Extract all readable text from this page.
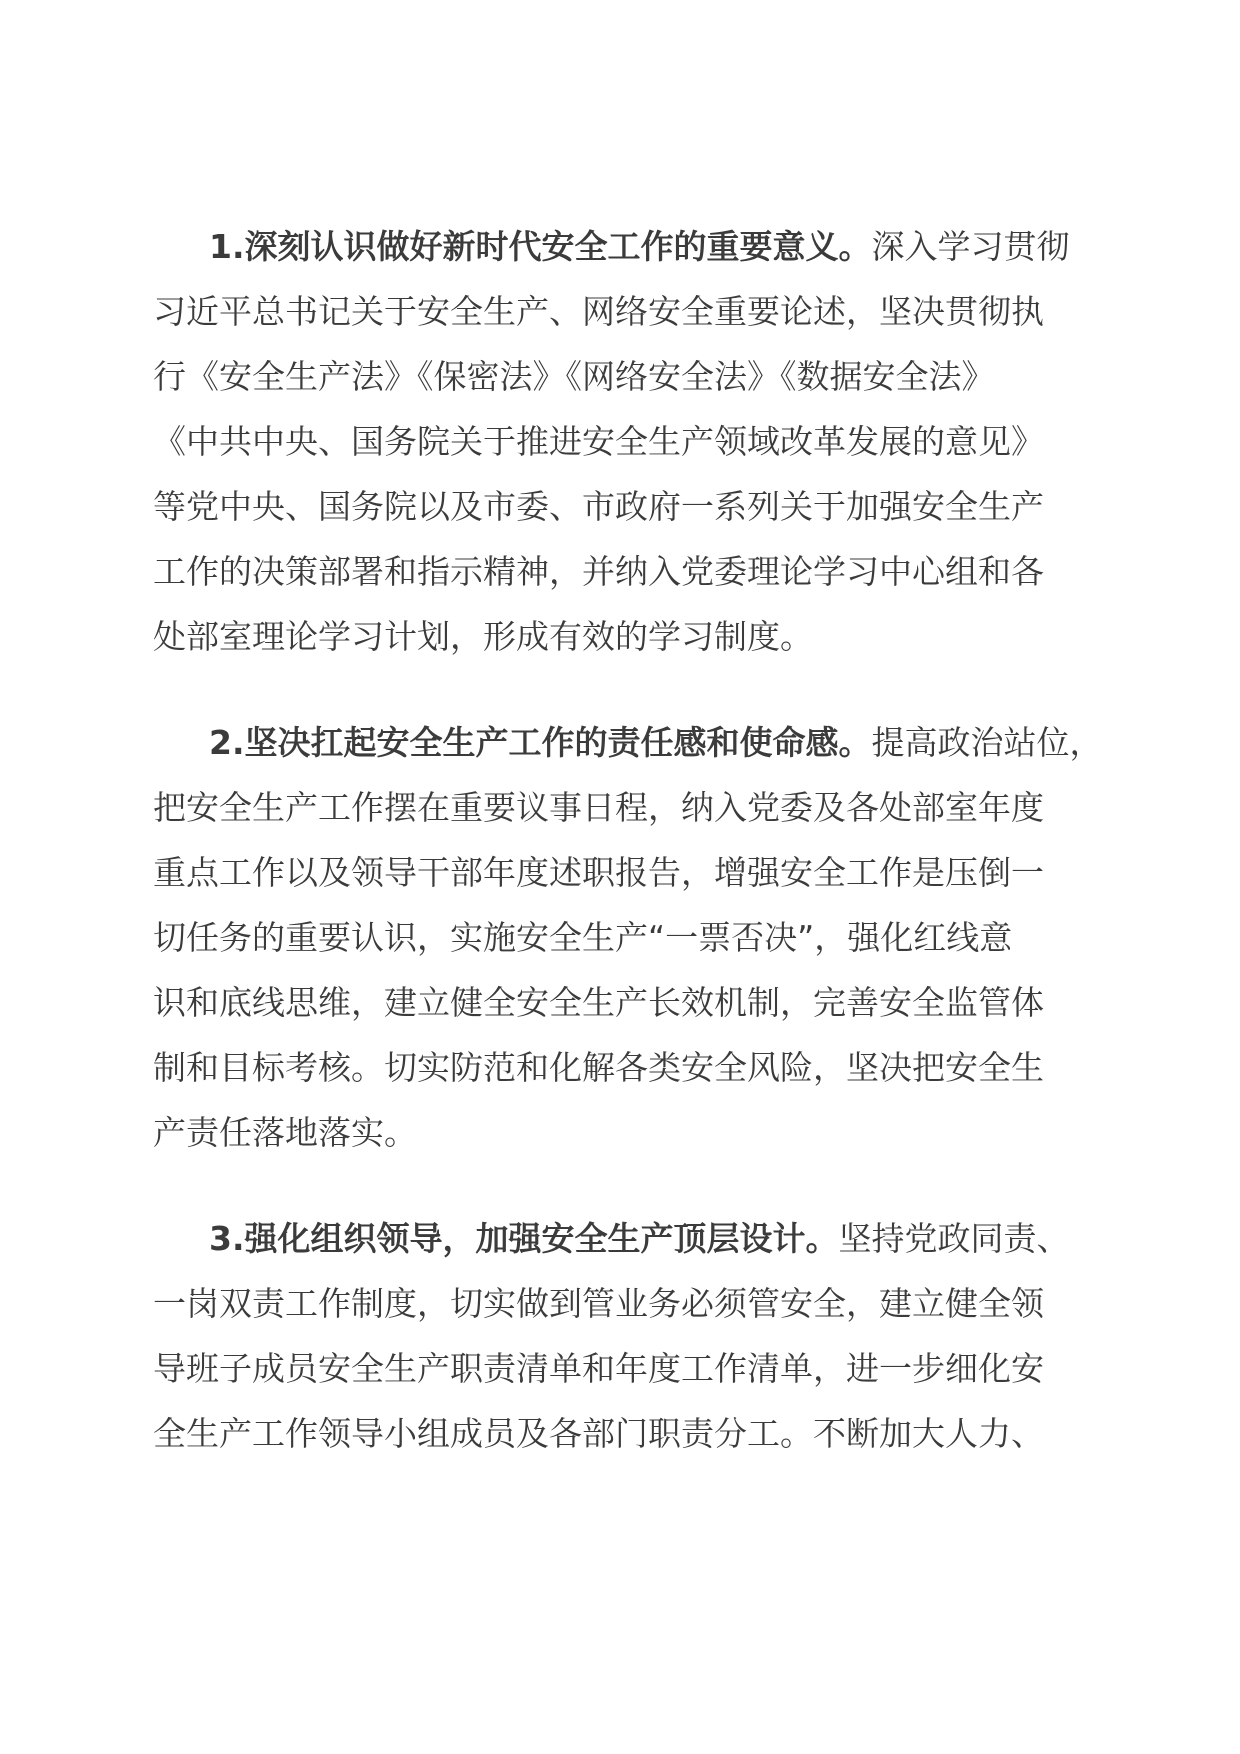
1.深刻认识做好新时代安全工作的重要意义。深入学习贯彻
习近平总书记关于安全生产、网络安全重要论述，坚决贯彻执
行《安全生产法》《保密法》《网络安全法》《数据安全法》
《中共中央、国务院关于推进安全生产领域改革发展的意见》
等党中央、国务院以及市委、市政府一系列关于加强安全生产
工作的决策部署和指示精神，并纳入党委理论学习中心组和各
处部室理论学习计划，形成有效的学习制度。
2.坚决扛起安全生产工作的责任感和使命感。提高政治站位，
把安全生产工作摆在重要议事日程，纳入党委及各处部室年度
重点工作以及领导干部年度述职报告，增强安全工作是压倒一
切任务的重要认识，实施安全生产“一票否决”，强化红线意
识和底线思维，建立健全安全生产长效机制，完善安全监管体
制和目标考核。切实防范和化解各类安全风险，坚决把安全生
产责任落地落实。
3.强化组织领导，加强安全生产顶层设计。坚持党政同责、
一岗双责工作制度，切实做到管业务必须管安全，建立健全领
导班子成员安全生产职责清单和年度工作清单，进一步细化安
全生产工作领导小组成员及各部门职责分工。不断加大人力、
